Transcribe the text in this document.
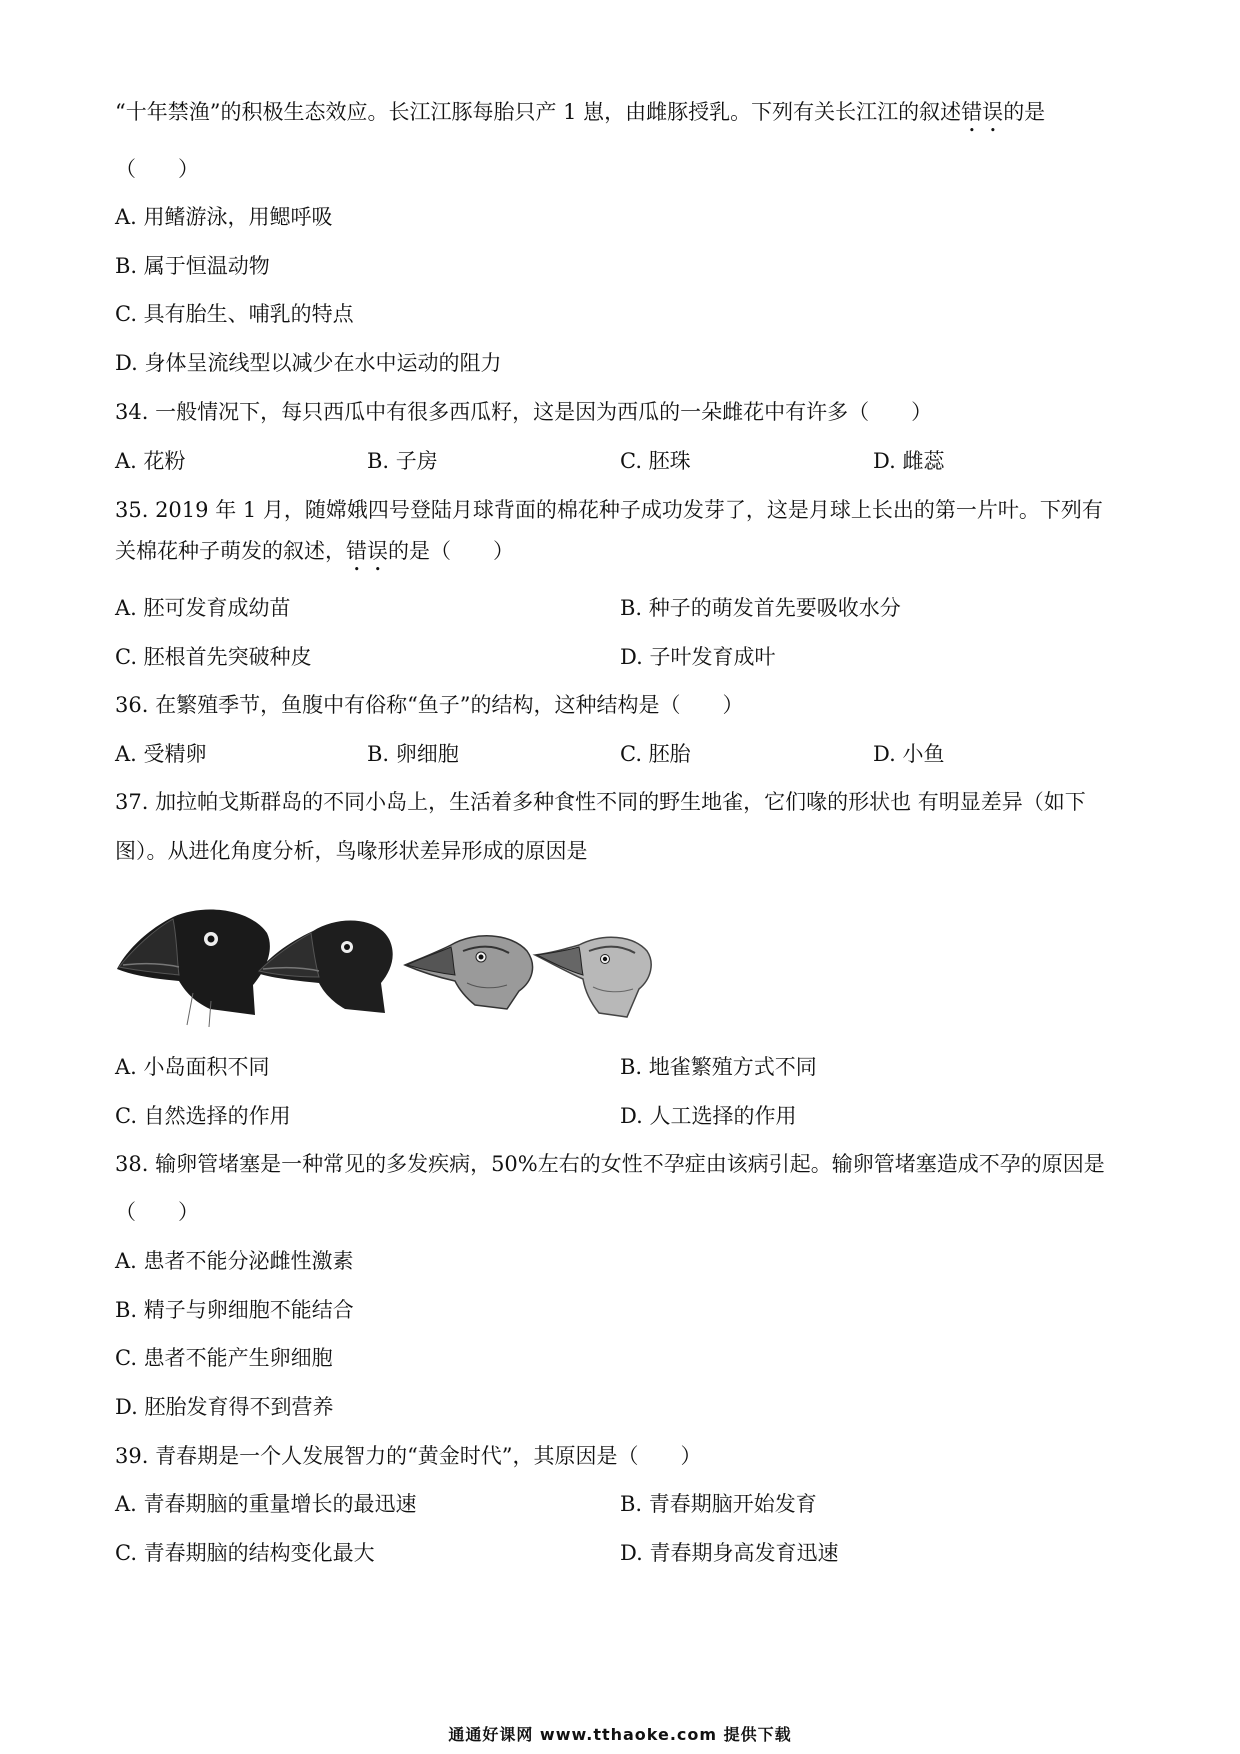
“十年禁渔”的积极生态效应。长江江豚每胎只产 1 崽，由雌豚授乳。下列有关长江江的叙述错误的是
（　　）
A. 用鳍游泳，用鳃呼吸
B. 属于恒温动物
C. 具有胎生、哺乳的特点
D. 身体呈流线型以减少在水中运动的阻力
34. 一般情况下，每只西瓜中有很多西瓜籽，这是因为西瓜的一朵雌花中有许多（　　）
A. 花粉	B. 子房	C. 胚珠	D. 雌蕊
35. 2019 年 1 月，随嫦娥四号登陆月球背面的棉花种子成功发芽了，这是月球上长出的第一片叶。下列有
关棉花种子萌发的叙述，错误的是（　　）
A. 胚可发育成幼苗	B. 种子的萌发首先要吸收水分
C. 胚根首先突破种皮	D. 子叶发育成叶
36. 在繁殖季节，鱼腹中有俗称“鱼子”的结构，这种结构是（　　）
A. 受精卵	B. 卵细胞	C. 胚胎	D. 小鱼
37. 加拉帕戈斯群岛的不同小岛上，生活着多种食性不同的野生地雀，它们喙的形状也 有明显差异（如下
图）。从进化角度分析，鸟喙形状差异形成的原因是
A. 小岛面积不同	B. 地雀繁殖方式不同
C. 自然选择的作用	D. 人工选择的作用
38. 输卵管堵塞是一种常见的多发疾病，50%左右的女性不孕症由该病引起。输卵管堵塞造成不孕的原因是
（　　）
A. 患者不能分泌雌性激素
B. 精子与卵细胞不能结合
C. 患者不能产生卵细胞
D. 胚胎发育得不到营养
39. 青春期是一个人发展智力的“黄金时代”，其原因是（　　）
A. 青春期脑的重量增长的最迅速	B. 青春期脑开始发育
C. 青春期脑的结构变化最大	D. 青春期身高发育迅速
通通好课网 www.tthaoke.com 提供下载
